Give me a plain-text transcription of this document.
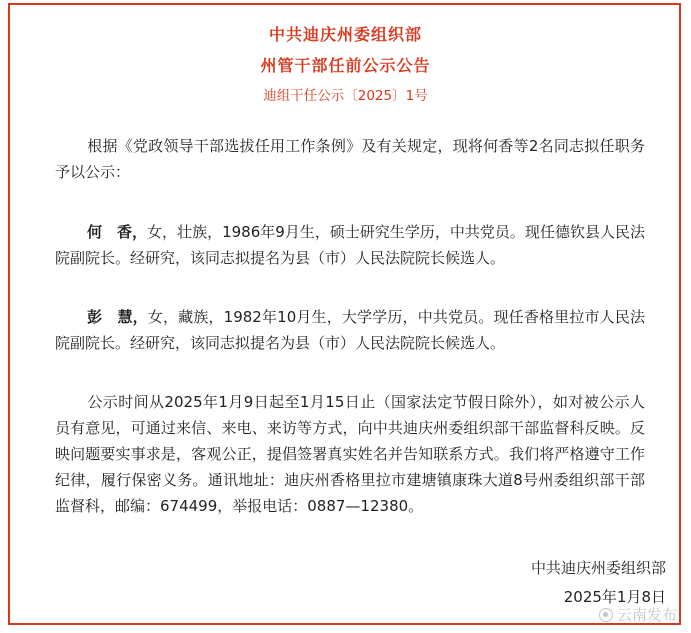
中共迪庆州委组织部
州管干部任前公示公告
迪组干任公示〔2025〕1号
根据《党政领导干部选拔任用工作条例》及有关规定，现将何香等2名同志拟任职务予以公示：
何　香，女，壮族，1986年9月生，硕士研究生学历，中共党员。现任德钦县人民法院副院长。经研究，该同志拟提名为县（市）人民法院院长候选人。
彭　慧，女，藏族，1982年10月生，大学学历，中共党员。现任香格里拉市人民法院副院长。经研究，该同志拟提名为县（市）人民法院院长候选人。
公示时间从2025年1月9日起至1月15日止（国家法定节假日除外），如对被公示人员有意见，可通过来信、来电、来访等方式，向中共迪庆州委组织部干部监督科反映。反映问题要实事求是，客观公正，提倡签署真实姓名并告知联系方式。我们将严格遵守工作纪律，履行保密义务。通讯地址：迪庆州香格里拉市建塘镇康珠大道8号州委组织部干部监督科，邮编：674499，举报电话：0887—12380。
中共迪庆州委组织部
2025年1月8日
云南发布
